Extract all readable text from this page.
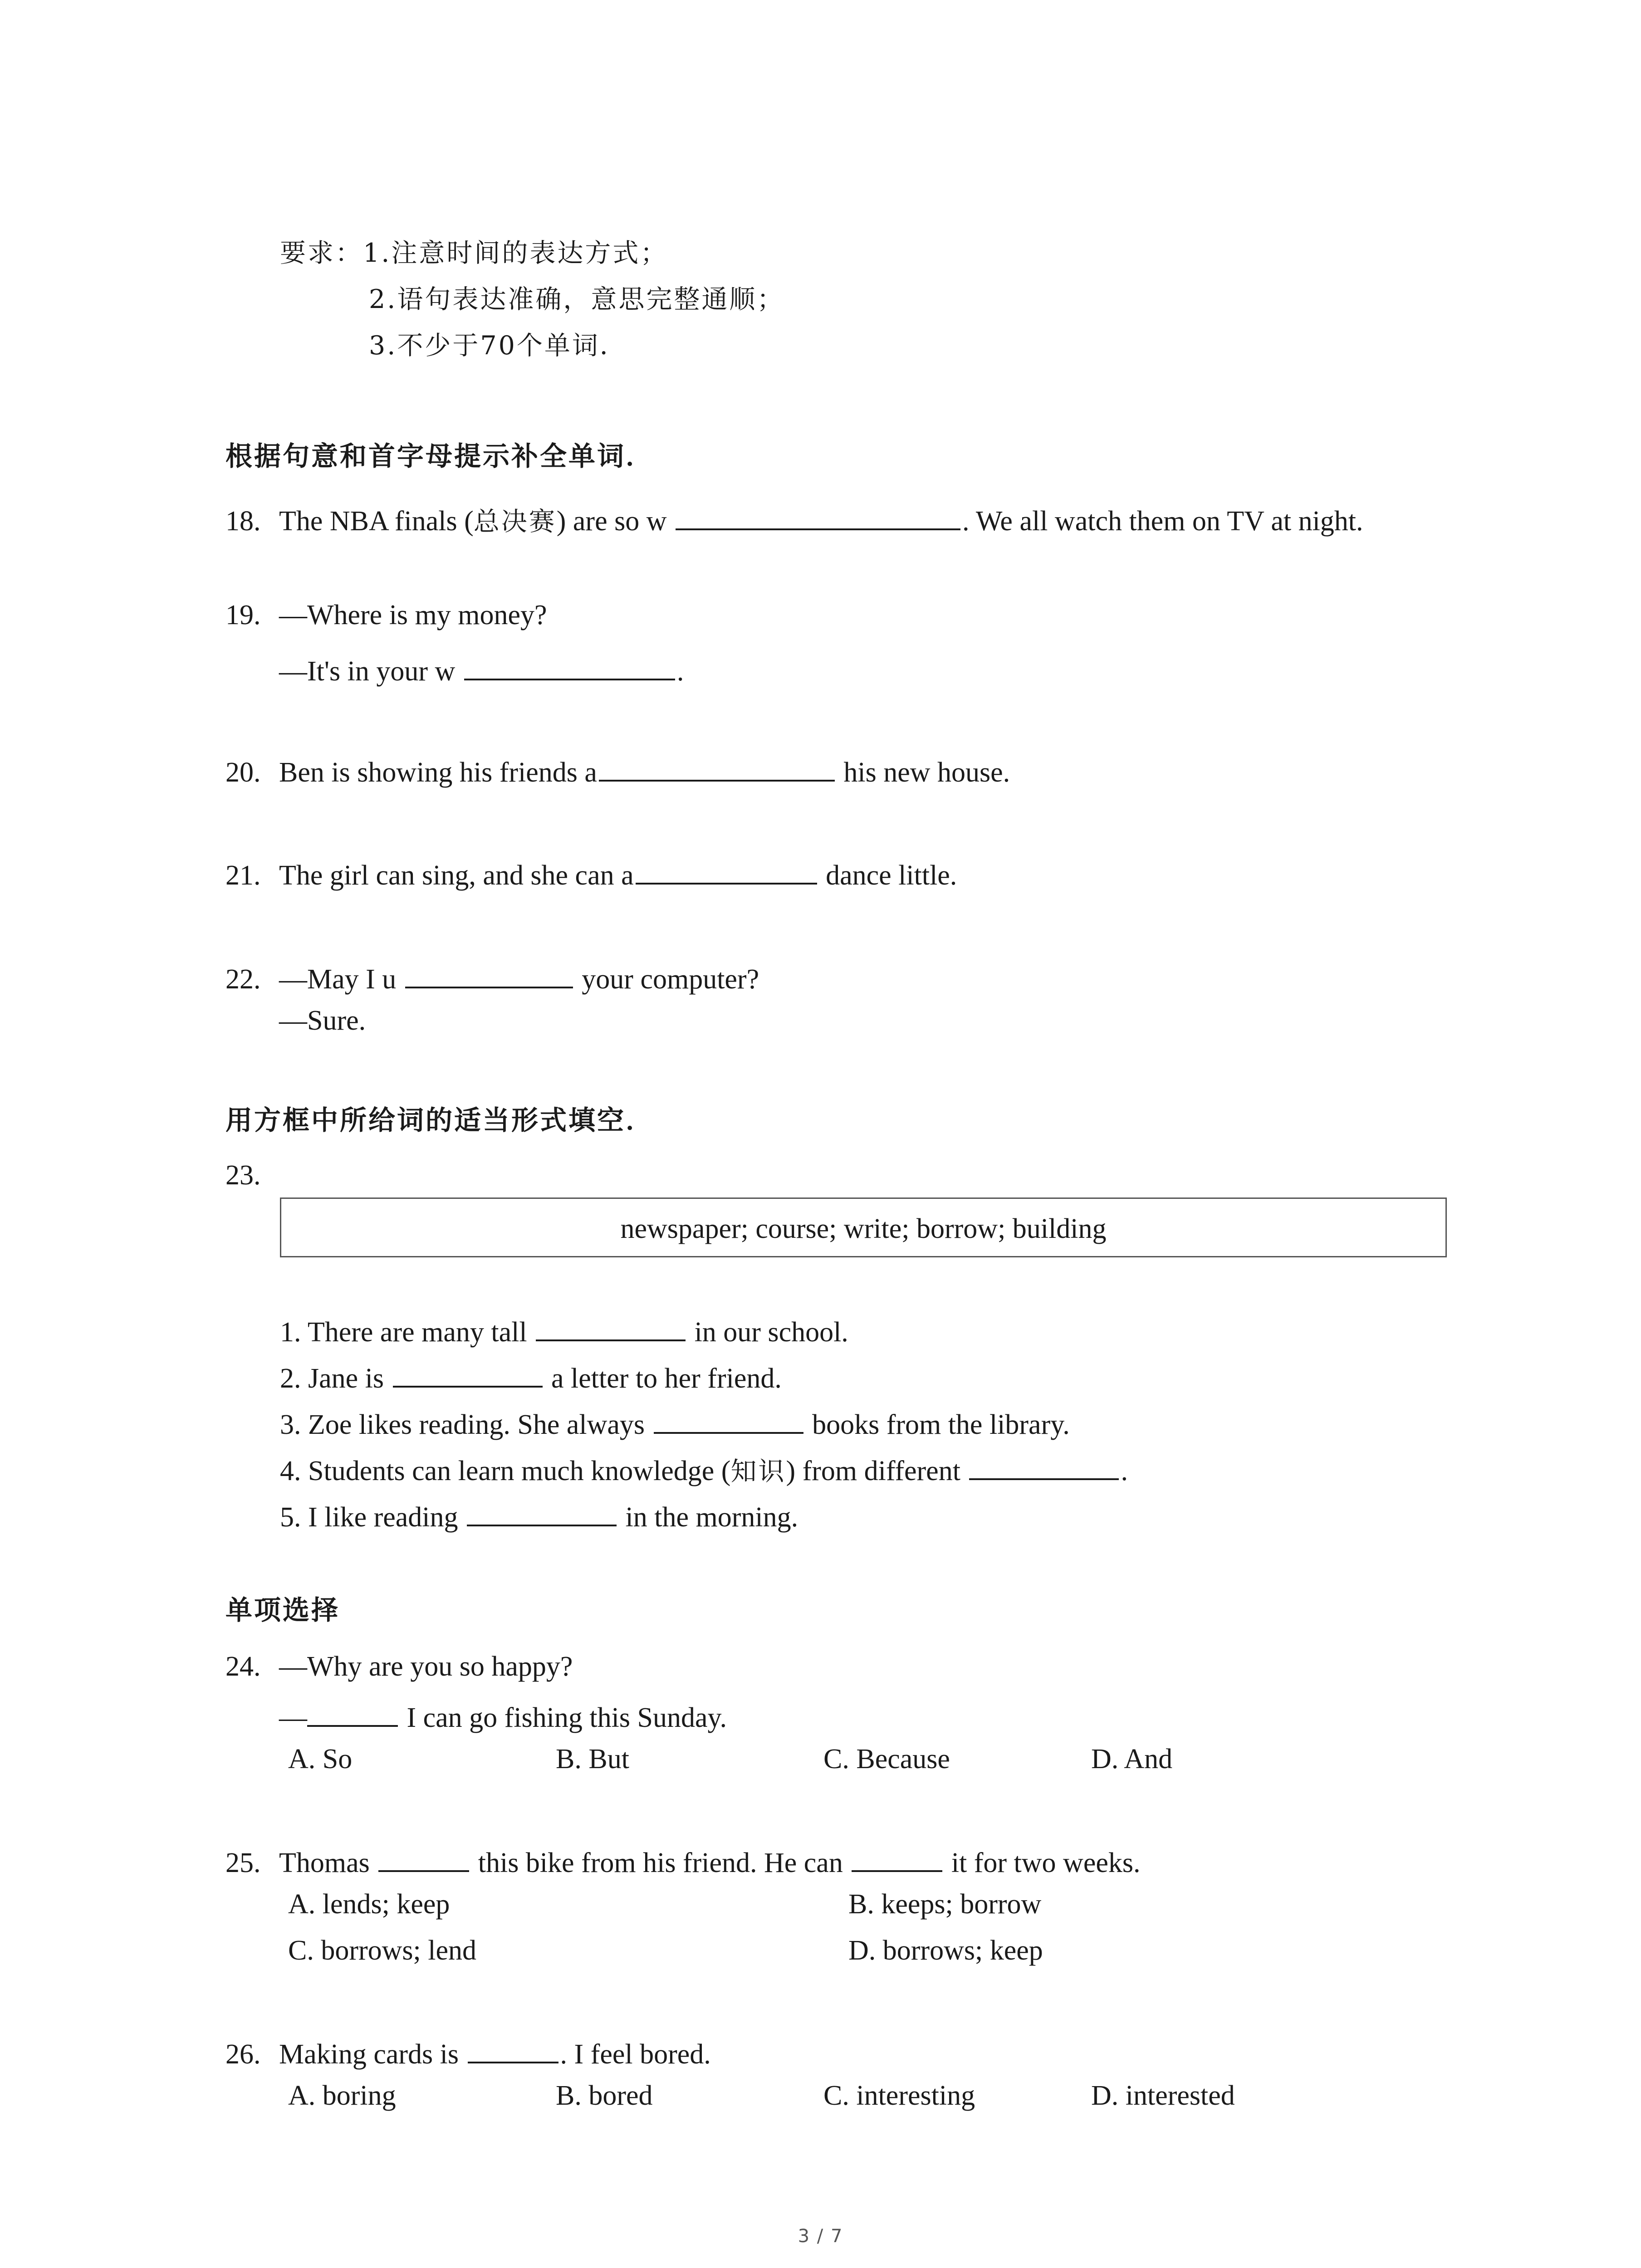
要求：1.注意时间的表达方式；
2.语句表达准确，意思完整通顺；
3.不少于70个单词．
根据句意和首字母提示补全单词．
18. The NBA finals (总决赛) are so w	. We all watch them on TV at night.
19. —Where is my money?
—It's in your w	.
20. Ben is showing his friends a	his new house.
21. The girl can sing, and she can a	dance little.
22. —May I u	your computer?
—Sure.
用方框中所给词的适当形式填空．
23.
newspaper; course; write; borrow; building
1. There are many tall	in our school.
2. Jane is	a letter to her friend.
3. Zoe likes reading. She always	books from the library.
4. Students can learn much knowledge (知识) from different	.
5. I like reading	in the morning.
单项选择
24. —Why are you so happy?
—	I can go fishing this Sunday.
A. So	B. But	C. Because	D. And
25. Thomas	this bike from his friend. He can	it for two weeks.
A. lends; keep	B. keeps; borrow
C. borrows; lend	D. borrows; keep
26. Making cards is	. I feel bored.
A. boring	B. bored	C. interesting	D. interested
3 / 7
